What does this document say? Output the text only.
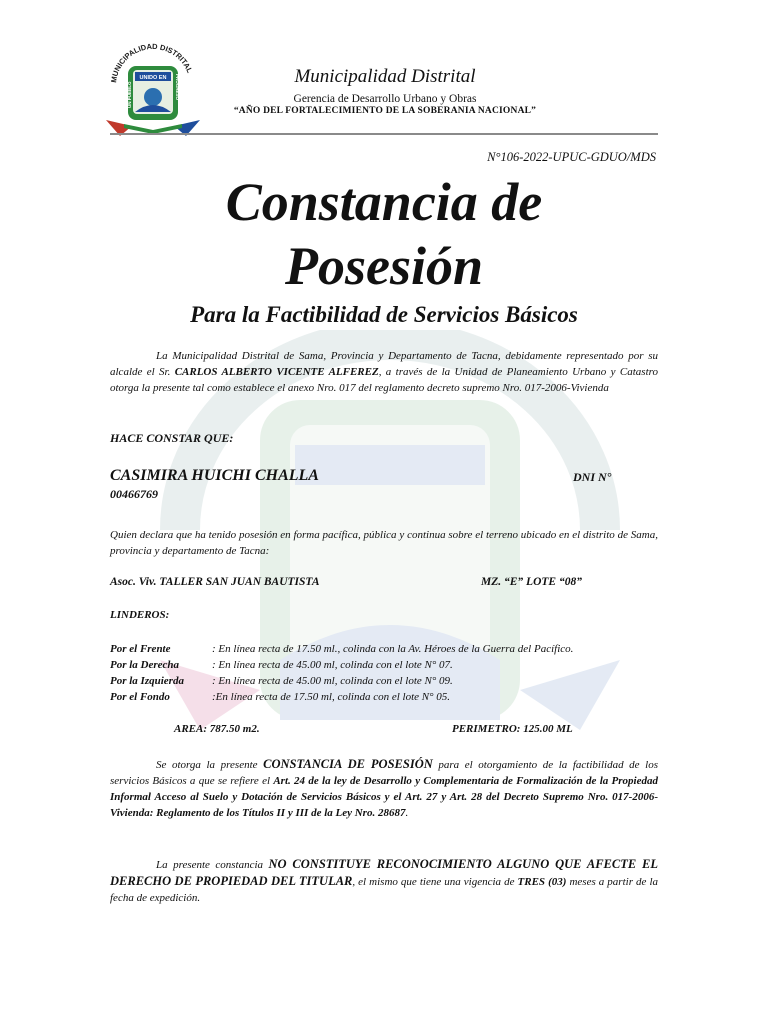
MUNICIPALIDAD DISTRITAL
UNIDO EN
UN PUEBLO	PROGRESO	Municipalidad Distrital
Gerencia de Desarrollo Urbano y Obras
“AÑO DEL FORTALECIMIENTO DE LA SOBERANIA NACIONAL”
N°106-2022-UPUC-GDUO/MDS
Constancia de
Posesión
Para la Factibilidad de Servicios Básicos
La Municipalidad Distrital de Sama, Provincia y Departamento de Tacna, debidamente representado por su alcalde el Sr. CARLOS ALBERTO VICENTE ALFEREZ, a través de la Unidad de Planeamiento Urbano y Catastro otorga la presente tal como establece el anexo Nro. 017 del reglamento decreto supremo Nro. 017-2006-Vivienda
HACE CONSTAR QUE:
CASIMIRA HUICHI CHALLA	DNI N°
00466769
Quien declara que ha tenido posesión en forma pacífica, pública y continua sobre el terreno ubicado en el distrito de Sama, provincia y departamento de Tacna:
Asoc. Viv. TALLER SAN JUAN BAUTISTA	MZ. “E” LOTE “08”
LINDEROS:
Por el Frente	: En línea recta de 17.50 ml., colinda con la Av. Héroes de la Guerra del Pacífico.
Por la Derecha	: En línea recta de 45.00 ml, colinda con el lote N° 07.
Por la Izquierda	: En línea recta de 45.00 ml, colinda con el lote N° 09.
Por el Fondo	:En línea recta de 17.50 ml, colinda con el lote N° 05.
AREA: 787.50 m2.	PERIMETRO: 125.00 ML
Se otorga la presente CONSTANCIA DE POSESIÓN para el otorgamiento de la factibilidad de los servicios Básicos a que se refiere el Art. 24 de la ley de Desarrollo y Complementaria de Formalización de la Propiedad Informal Acceso al Suelo y Dotación de Servicios Básicos y el Art. 27 y Art. 28 del Decreto Supremo Nro. 017-2006-Vivienda: Reglamento de los Títulos II y III de la Ley Nro. 28687.
La presente constancia NO CONSTITUYE RECONOCIMIENTO ALGUNO QUE AFECTE EL DERECHO DE PROPIEDAD DEL TITULAR, el mismo que tiene una vigencia de TRES (03) meses a partir de la fecha de expedición.
